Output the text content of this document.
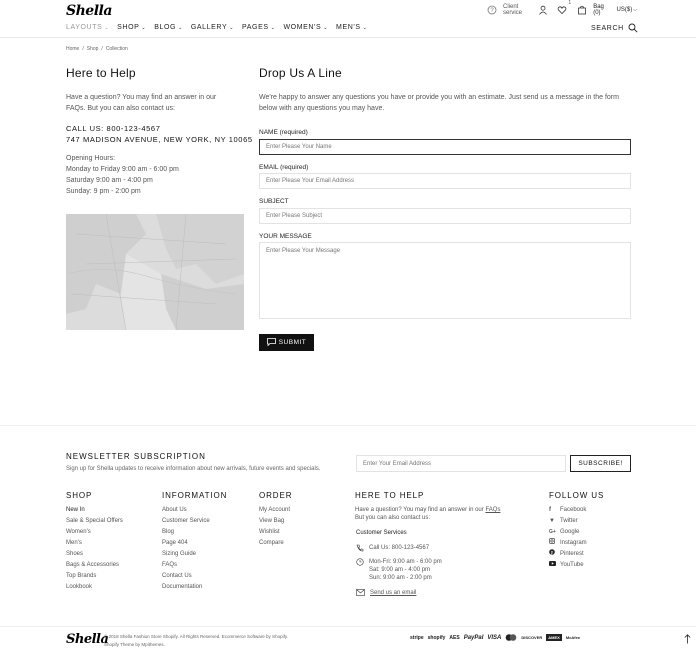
Shella	?
Client service
1
Bag (0)	US($)⌵
LAYOUTS ⌄ SHOP ⌄ BLOG ⌄ GALLERY ⌄ PAGES ⌄ WOMEN'S ⌄ MEN'S ⌄	SEARCH
Home / Shop / Collection
Here to Help
Have a question? You may find an answer in our FAQs. But you can also contact us:
CALL US: 800-123-4567
747 MADISON AVENUE, NEW YORK, NY 10065
Opening Hours:
Monday to Friday 9:00 am - 6:00 pm
Saturday 9:00 am - 4:00 pm
Sunday: 9 pm - 2:00 pm
Drop Us A Line
We're happy to answer any questions you have or provide you with an estimate. Just send us a message in the form below with any questions you may have.
NAME (required)
Enter Please Your Name
EMAIL (required)
Enter Please Your Email Address
SUBJECT
Enter Please Subject
YOUR MESSAGE
Enter Please Your Message
SUBMIT
NEWSLETTER SUBSCRIPTION
Sign up for Shella updates to receive information about new arrivals, future events and specials.
Enter Your Email Address	SUBSCRIBE!
SHOP
New In
Sale & Special Offers
Women's
Men's
Shoes
Bags & Accessories
Top Brands
Lookbook
INFORMATION
About Us
Customer Service
Blog
Page 404
Sizing Guide
FAQs
Contact Us
Documentation
ORDER
My Account
View Bag
Wishlist
Compare
HERE TO HELP
Have a question? You may find an answer in our FAQs
But you can also contact us:
Customer Services
Call Us: 800-123-4567
Mon-Fri: 9:00 am - 6:00 pm
Sat: 9:00 am - 4:00 pm
Sun: 9:00 am - 2:00 pm
Send us an email
FOLLOW US
f	Facebook
▼ Twitter
G+ Google
Instagram
p Pinterest
YouTube
Shella
© 2018 Shella Fashion Store Shopify. All Rights Reserved. Ecommerce Software by Shopify.
Shopify Theme by Mpithemes.
stripe shopify AES PayPal VISA	DISCOVER	AMEX	McAfee
